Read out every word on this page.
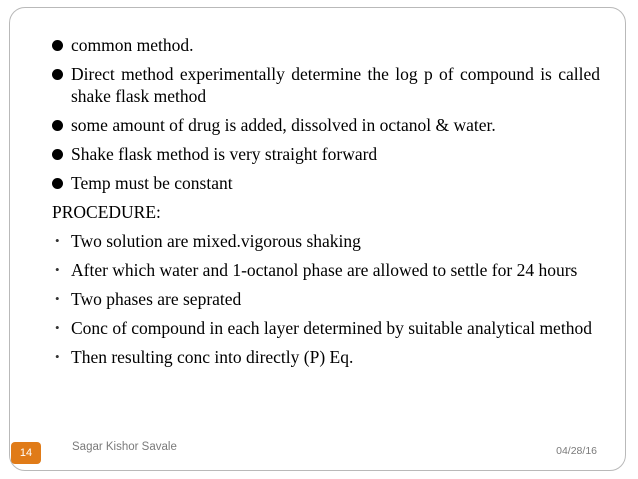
common method.
Direct method experimentally determine the log p of compound is called shake flask method
some amount of drug is added, dissolved in octanol & water.
Shake flask method is very straight forward
Temp must be constant
PROCEDURE:
• Two solution are mixed.vigorous shaking
• After which water and 1-octanol phase are allowed to settle for 24 hours
• Two phases are seprated
• Conc of compound in each layer determined by suitable analytical method
• Then resulting conc into directly (P) Eq.
14	Sagar Kishor Savale	04/28/16
